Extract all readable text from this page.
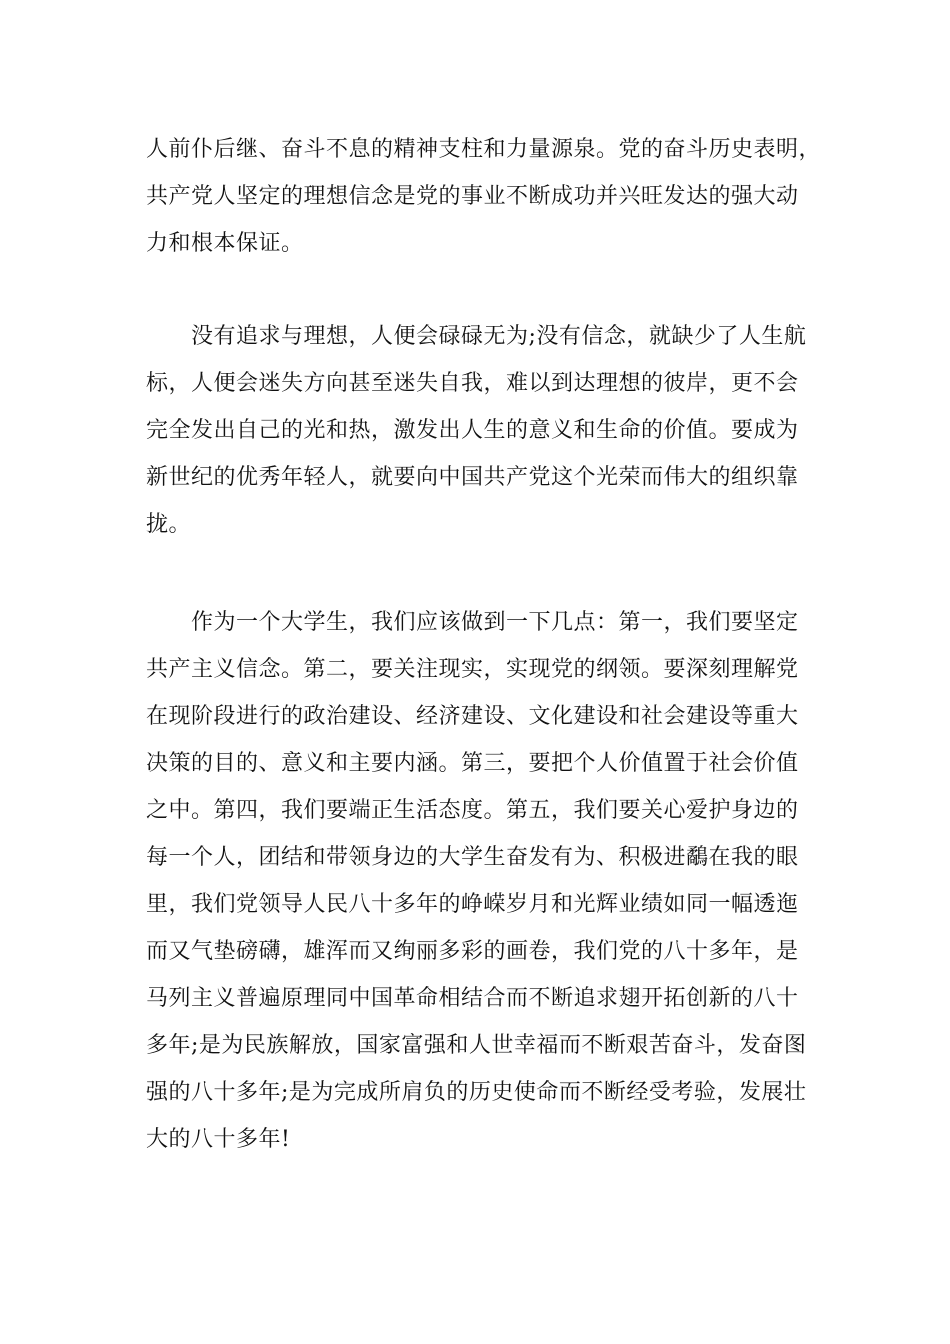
人前仆后继、奋斗不息的精神支柱和力量源泉。党的奋斗历史表明，
共产党人坚定的理想信念是党的事业不断成功并兴旺发达的强大动
力和根本保证。
　　没有追求与理想，人便会碌碌无为;没有信念，就缺少了人生航
标，人便会迷失方向甚至迷失自我，难以到达理想的彼岸，更不会
完全发出自己的光和热，激发出人生的意义和生命的价值。要成为
新世纪的优秀年轻人，就要向中国共产党这个光荣而伟大的组织靠
拢。
　　作为一个大学生，我们应该做到一下几点：第一，我们要坚定
共产主义信念。第二，要关注现实，实现党的纲领。要深刻理解党
在现阶段进行的政治建设、经济建设、文化建设和社会建设等重大
决策的目的、意义和主要内涵。第三，要把个人价值置于社会价值
之中。第四，我们要端正生活态度。第五，我们要关心爱护身边的
每一个人，团结和带领身边的大学生奋发有为、积极进鷸在我的眼
里，我们党领导人民八十多年的峥嵘岁月和光辉业绩如同一幅透迤
而又气垫磅礴，雄浑而又绚丽多彩的画卷，我们党的八十多年，是
马列主义普遍原理同中国革命相结合而不断追求翅开拓创新的八十
多年;是为民族解放，国家富强和人世幸福而不断艰苦奋斗，发奋图
强的八十多年;是为完成所肩负的历史使命而不断经受考验，发展壮
大的八十多年!
